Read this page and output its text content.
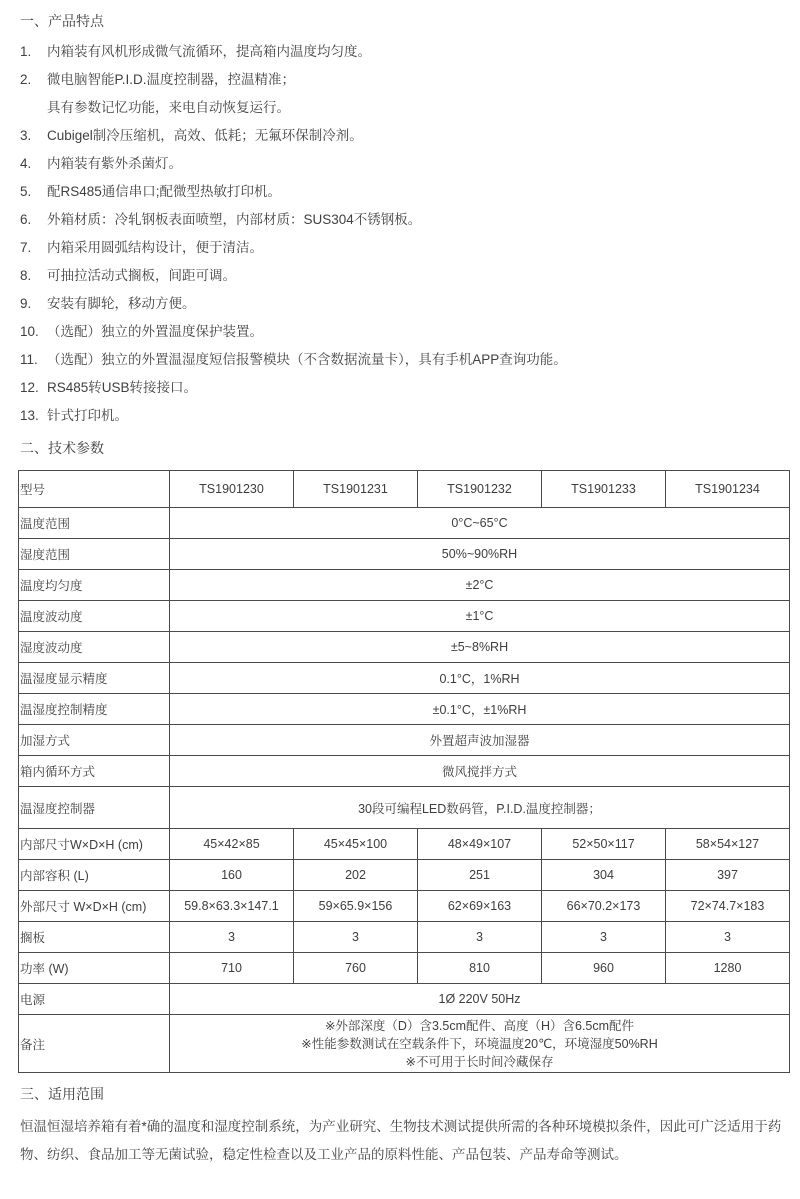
一、产品特点
1.	内箱装有风机形成微气流循环，提高箱内温度均匀度。
2.	微电脑智能P.I.D.温度控制器，控温精准；
具有参数记忆功能，来电自动恢复运行。
3.	Cubigel制冷压缩机，高效、低耗；无氟环保制冷剂。
4.	内箱装有紫外杀菌灯。
5.	配RS485通信串口;配微型热敏打印机。
6.	外箱材质：冷轧钢板表面喷塑，内部材质：SUS304不锈钢板。
7.	内箱采用圆弧结构设计，便于清洁。
8.	可抽拉活动式搁板，间距可调。
9.	安装有脚轮，移动方便。
10. （选配）独立的外置温度保护装置。
11. （选配）独立的外置温湿度短信报警模块（不含数据流量卡），具有手机APP查询功能。
12. RS485转USB转接接口。
13. 针式打印机。
二、技术参数
型号	TS1901230	TS1901231	TS1901232	TS1901233	TS1901234
温度范围	0°C~65°C				
湿度范围	50%~90%RH				
温度均匀度	±2°C				
温度波动度	±1°C				
湿度波动度	±5~8%RH				
温湿度显示精度	0.1°C，1%RH				
温湿度控制精度	±0.1°C，±1%RH				
加湿方式	外置超声波加湿器				
箱内循环方式	微风搅拌方式				
温湿度控制器	30段可编程LED数码管，P.I.D.温度控制器；				
内部尺寸W×D×H (cm)	45×42×85	45×45×100	48×49×107	52×50×117	58×54×127
内部容积 (L)	160	202	251	304	397
外部尺寸 W×D×H (cm)	59.8×63.3×147.1	59×65.9×156	62×69×163	66×70.2×173	72×74.7×183
搁板	3	3	3	3	3
功率 (W)	710	760	810	960	1280
电源	1Ø 220V 50Hz				
备注	※外部深度（D）含3.5cm配件、高度（H）含6.5cm配件
※性能参数测试在空载条件下，环境温度20℃，环境湿度50%RH
※不可用于长时间冷藏保存				
三、适用范围

恒温恒湿培养箱有着*确的温度和湿度控制系统，为产业研究、生物技术测试提供所需的各种环境模拟条件，因此可广泛适用于药物、纺织、食品加工等无菌试验，稳定性检查以及工业产品的原料性能、产品包装、产品寿命等测试。
